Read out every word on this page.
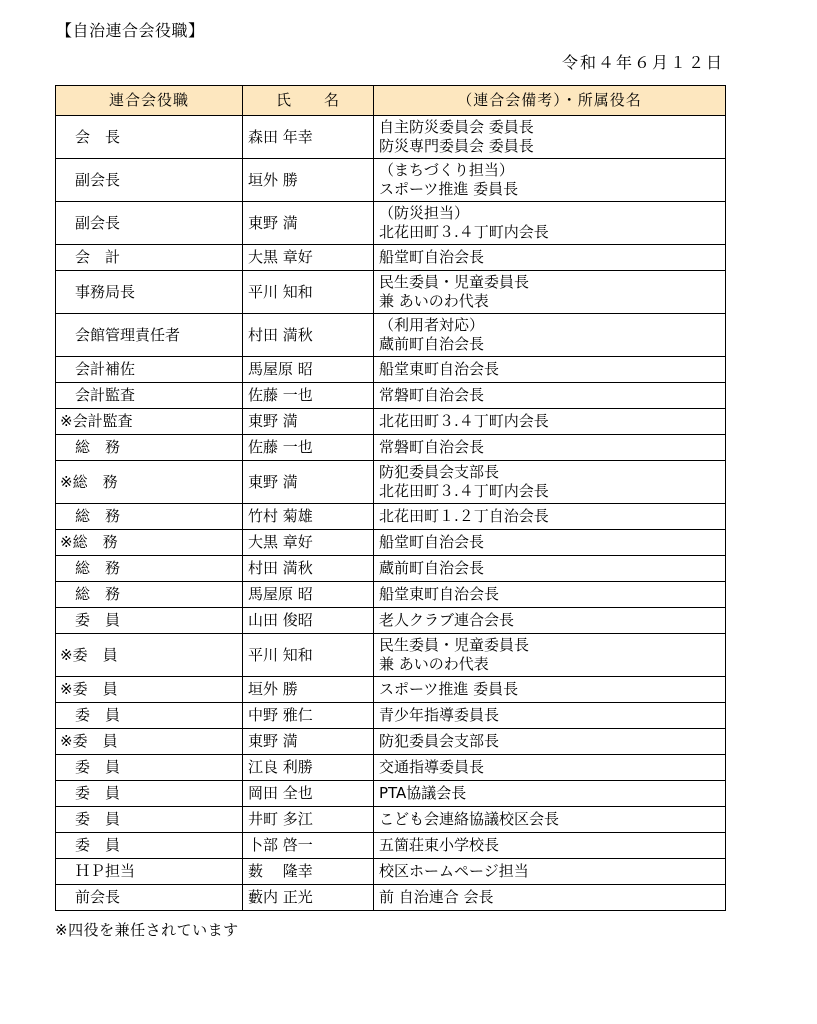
【自治連合会役職】
令和４年６月１２日
連合会役職	氏　　名	（連合会備考）・所属役名
　会　長	森田 年幸	自主防災委員会 委員長
防災専門委員会 委員長

　副会長	垣外 勝	（まちづくり担当）
スポーツ推進 委員長

　副会長	東野 満	（防災担当）
北花田町３.４丁町内会長

　会　計	大黒 章好	船堂町自治会長

　事務局長	平川 知和	民生委員・児童委員長
兼 あいのわ代表

　会館管理責任者	村田 満秋	（利用者対応）
蔵前町自治会長

　会計補佐	馬屋原 昭	船堂東町自治会長

　会計監査	佐藤 一也	常磐町自治会長

※会計監査	東野 満	北花田町３.４丁町内会長

　総　務	佐藤 一也	常磐町自治会長

※総　務	東野 満	防犯委員会支部長
北花田町３.４丁町内会長

　総　務	竹村 菊雄	北花田町１.２丁自治会長

※総　務	大黒 章好	船堂町自治会長

　総　務	村田 満秋	蔵前町自治会長

　総　務	馬屋原 昭	船堂東町自治会長

　委　員	山田 俊昭	老人クラブ連合会長

※委　員	平川 知和	民生委員・児童委員長
兼 あいのわ代表

※委　員	垣外 勝	スポーツ推進 委員長

　委　員	中野 雅仁	青少年指導委員長

※委　員	東野 満	防犯委員会支部長

　委　員	江良 利勝	交通指導委員長

　委　員	岡田 全也	PTA協議会長

　委　員	井町 多江	こども会連絡協議校区会長

　委　員	卜部 啓一	五箇荘東小学校長

　ＨＰ担当	薮　 隆幸	校区ホームページ担当

　前会長	藪内 正光	前 自治連合 会長
※四役を兼任されています
